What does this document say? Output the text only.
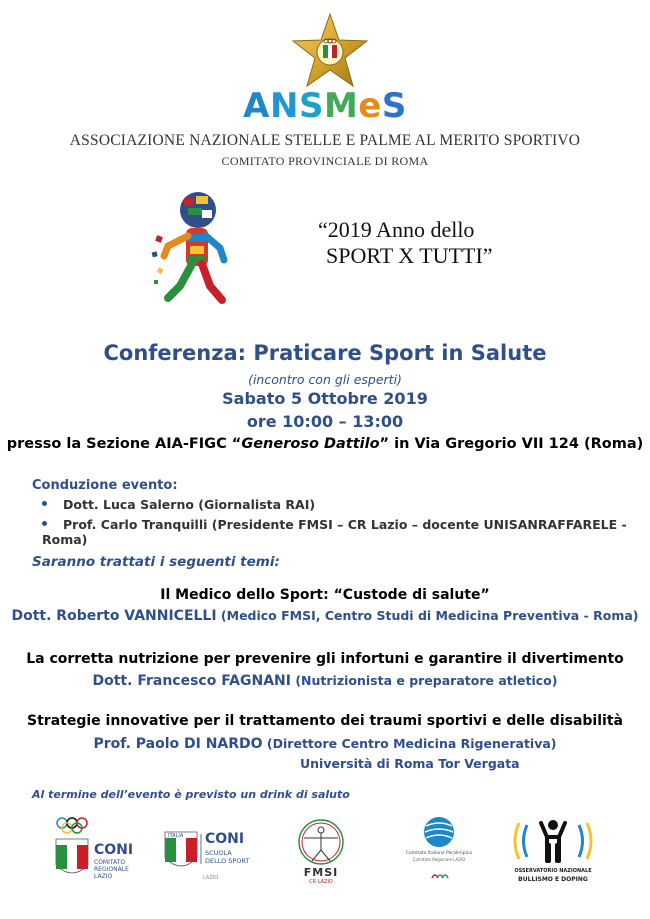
ANSMeS
ASSOCIAZIONE NAZIONALE STELLE E PALME AL MERITO SPORTIVO
COMITATO PROVINCIALE DI ROMA
“2019 Anno dello
SPORT X TUTTI”
Conferenza: Praticare Sport in Salute
(incontro con gli esperti)
Sabato 5 Ottobre 2019
ore 10:00 – 13:00
presso la Sezione AIA-FIGC “Generoso Dattilo” in Via Gregorio VII 124 (Roma)
Conduzione evento:
Dott. Luca Salerno (Giornalista RAI)
Prof. Carlo Tranquilli (Presidente FMSI – CR Lazio – docente UNISANRAFFARELE - Roma)
Saranno trattati i seguenti temi:
Il Medico dello Sport: “Custode di salute”
Dott. Roberto VANNICELLI (Medico FMSI, Centro Studi di Medicina Preventiva - Roma)
La corretta nutrizione per prevenire gli infortuni e garantire il divertimento
Dott. Francesco FAGNANI (Nutrizionista e preparatore atletico)
Strategie innovative per il trattamento dei traumi sportivi e delle disabilità
Prof. Paolo DI NARDO (Direttore Centro Medicina Rigenerativa)
Università di Roma Tor Vergata
Al termine dell’evento è previsto un drink di saluto
ITALIA CONI
COMITATO
REGIONALE
LAZIO
ITALIA CONI
SCUOLA
DELLO SPORT
LAZIO	FMSI
CR LAZIO
Comitato Italiano Paralimpico
Comitato Regionale LAZIO
OSSERVATORIO NAZIONALE
BULLISMO E DOPING
